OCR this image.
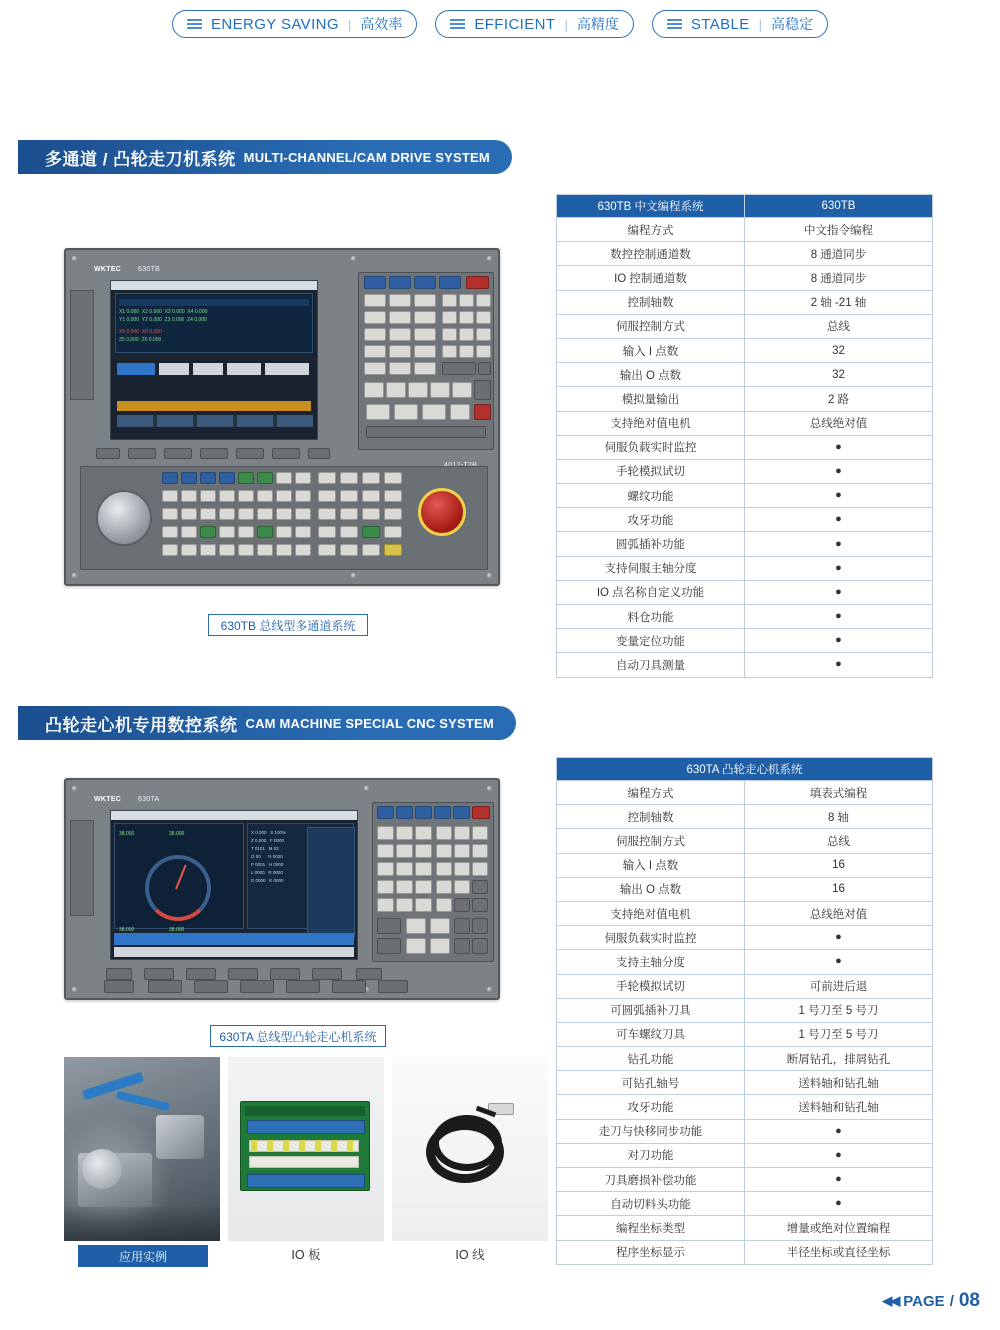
ENERGY SAVING | 高效率	EFFICIENT | 高精度	STABLE | 高稳定
多通道 / 凸轮走刀机系统 MULTI-CHANNEL/CAM DRIVE SYSTEM
WKTEC 630TB
X1 0.000  X2 0.000  X3 0.000  X4 0.000
Y1 0.000  Y2 0.000  Z3 0.000  Z4 0.000
X5 0.000  X6 0.000
Z5 0.000  Z6 0.000
630TB 总线型多通道系统
630TB 中文编程系统	630TB
编程方式	中文指令编程
数控控制通道数	8 通道同步
IO 控制通道数	8 通道同步
控制轴数	2 轴 -21 轴
伺服控制方式	总线
输入 I 点数	32
输出 O 点数	32
模拟量输出	2 路
支持绝对值电机	总线绝对值
伺服负载实时监控	●
手轮模拟试切	●
螺纹功能	●
攻牙功能	●
圆弧插补功能	●
支持伺服主轴分度	●
IO 点名称自定义功能	●
料仓功能	●
变量定位功能	●
自动刀具测量	●
凸轮走心机专用数控系统 CAM MACHINE SPECIAL CNC SYSTEM
WKTEC 630TA
38.000	38.000
38.000	38.000
X 0.000   S 100%
Z 0.000   F 0000
T 0101   M 03
G 00      N 0020
P 0001   H 0000
L 0000   R 0000
D 0000   E 0000
630TA 总线型凸轮走心机系统
应用实例	IO 板	IO 线
630TA 凸轮走心机系统	
编程方式	填表式编程
控制轴数	8 轴
伺服控制方式	总线
输入 I 点数	16
输出 O 点数	16
支持绝对值电机	总线绝对值
伺服负载实时监控	●
支持主轴分度	●
手轮模拟试切	可前进后退
可圆弧插补刀具	1 号刀至 5 号刀
可车螺纹刀具	1 号刀至 5 号刀
钻孔功能	断屑钻孔，排屑钻孔
可钻孔轴号	送料轴和钻孔轴
攻牙功能	送料轴和钻孔轴
走刀与快移同步功能	●
对刀功能	●
刀具磨损补偿功能	●
自动切料头功能	●
编程坐标类型	增量或绝对位置编程
程序坐标显示	半径坐标或直径坐标
◀◀ PAGE / 08
